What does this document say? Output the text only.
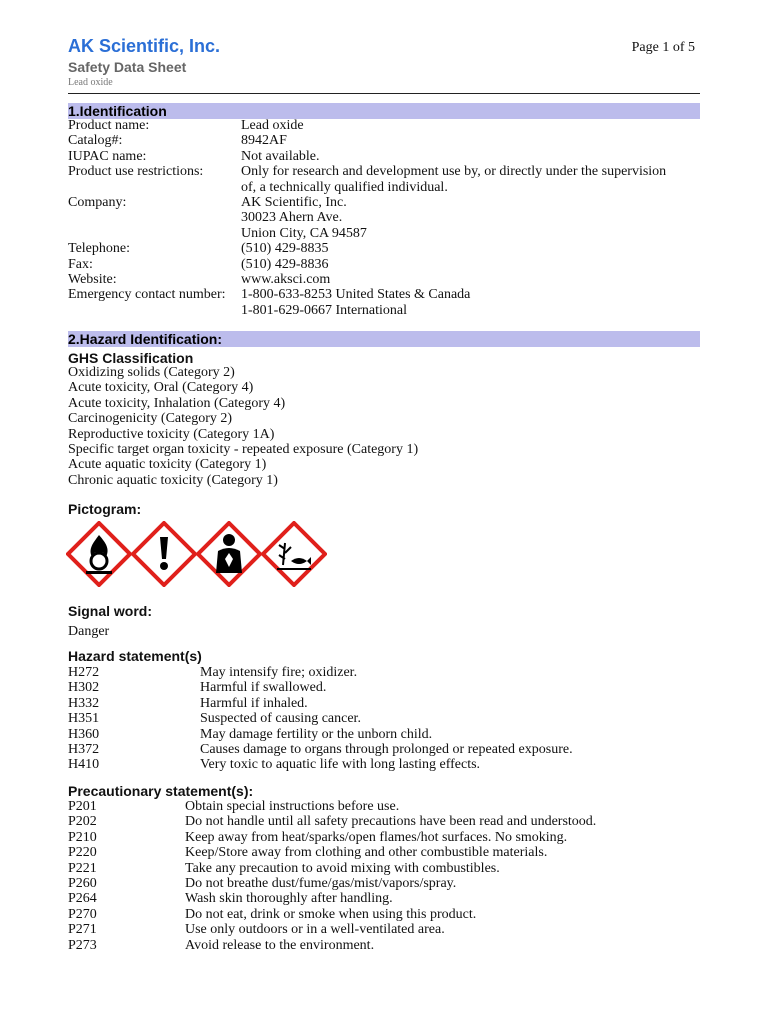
AK Scientific, Inc.
Safety Data Sheet
Lead oxide
Page 1 of 5
1.Identification
Product name:	Lead oxide
Catalog#:	8942AF
IUPAC name:	Not available.
Product use restrictions:	Only for research and development use by, or directly under the supervision
of, a technically qualified individual.
Company:	AK Scientific, Inc.
30023 Ahern Ave.
Union City, CA 94587
Telephone:	(510) 429-8835
Fax:	(510) 429-8836
Website:	www.aksci.com
Emergency contact number: 1-800-633-8253 United States & Canada
1-801-629-0667 International
2.Hazard Identification:
GHS Classification
Oxidizing solids (Category 2)
Acute toxicity, Oral (Category 4)
Acute toxicity, Inhalation (Category 4)
Carcinogenicity (Category 2)
Reproductive toxicity (Category 1A)
Specific target organ toxicity - repeated exposure (Category 1)
Acute aquatic toxicity (Category 1)
Chronic aquatic toxicity (Category 1)
Pictogram:
Signal word:
Danger
Hazard statement(s)
H272	May intensify fire; oxidizer.
H302	Harmful if swallowed.
H332	Harmful if inhaled.
H351	Suspected of causing cancer.
H360	May damage fertility or the unborn child.
H372	Causes damage to organs through prolonged or repeated exposure.
H410	Very toxic to aquatic life with long lasting effects.
Precautionary statement(s):
P201	Obtain special instructions before use.
P202	Do not handle until all safety precautions have been read and understood.
P210	Keep away from heat/sparks/open flames/hot surfaces. No smoking.
P220	Keep/Store away from clothing and other combustible materials.
P221	Take any precaution to avoid mixing with combustibles.
P260	Do not breathe dust/fume/gas/mist/vapors/spray.
P264	Wash skin thoroughly after handling.
P270	Do not eat, drink or smoke when using this product.
P271	Use only outdoors or in a well-ventilated area.
P273	Avoid release to the environment.
